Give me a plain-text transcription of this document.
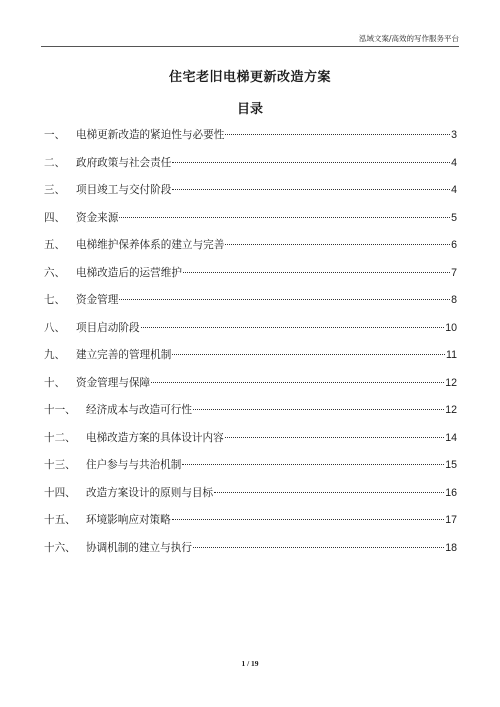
泓域文案/高效的写作服务平台
住宅老旧电梯更新改造方案
目录
一、	电梯更新改造的紧迫性与必要性	3
二、	政府政策与社会责任	4
三、	项目竣工与交付阶段	4
四、	资金来源	5
五、	电梯维护保养体系的建立与完善	6
六、	电梯改造后的运营维护	7
七、	资金管理	8
八、	项目启动阶段	10
九、	建立完善的管理机制	11
十、	资金管理与保障	12
十一、 经济成本与改造可行性	12
十二、 电梯改造方案的具体设计内容	14
十三、 住户参与与共治机制	15
十四、 改造方案设计的原则与目标	16
十五、 环境影响应对策略	17
十六、 协调机制的建立与执行	18
1 / 19
